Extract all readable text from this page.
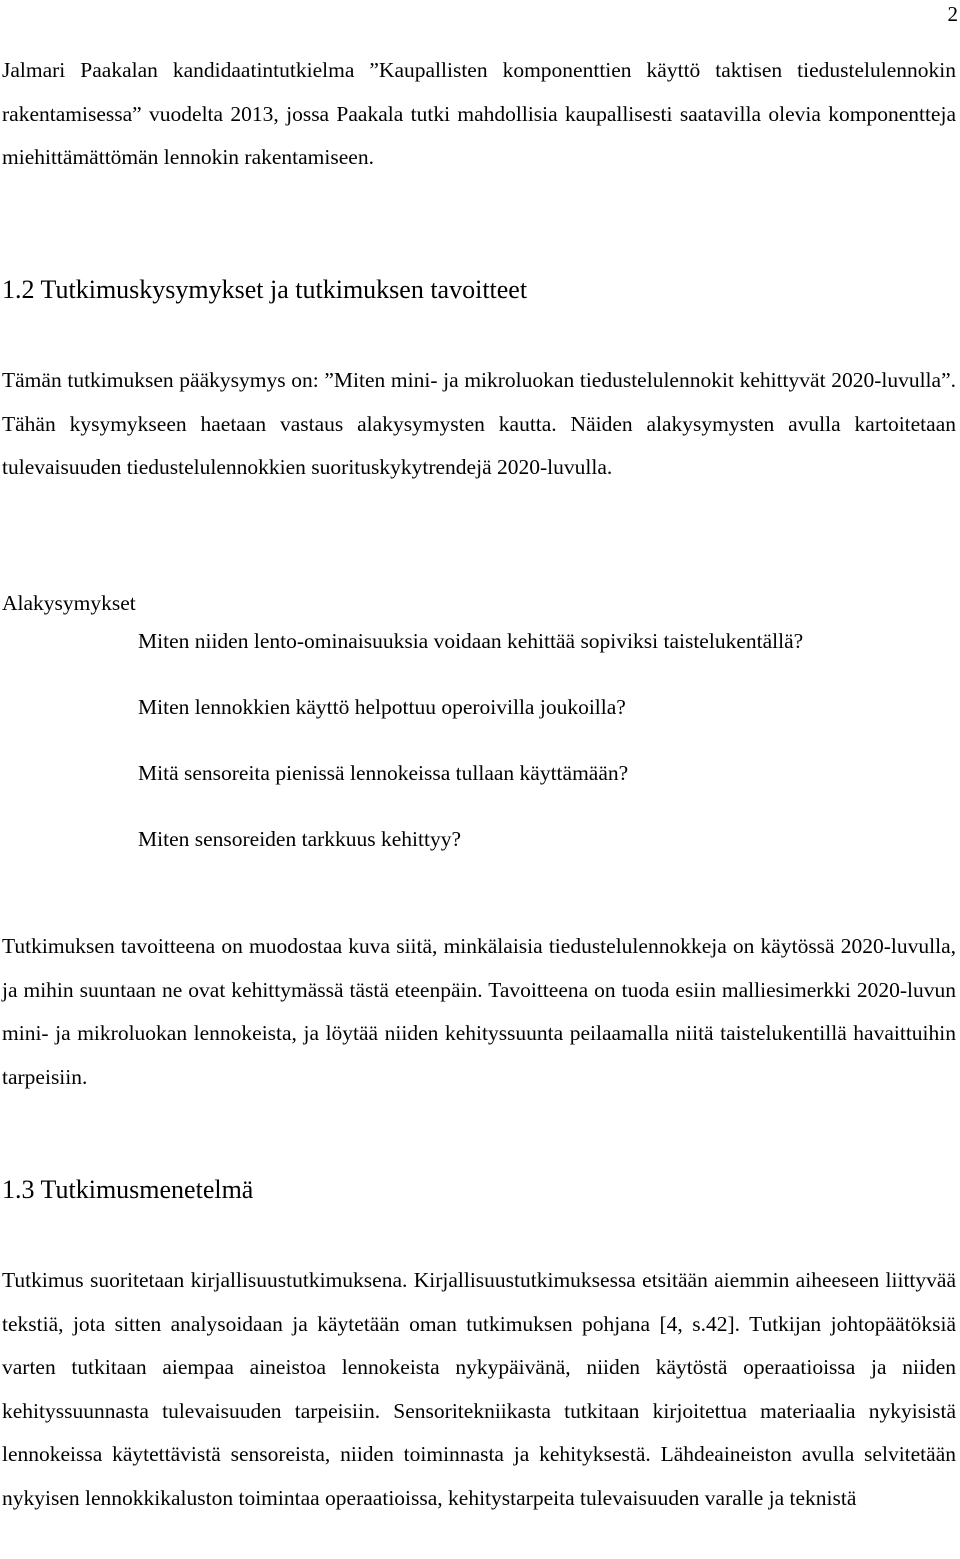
2

Jalmari Paakalan kandidaatintutkielma ”Kaupallisten komponenttien käyttö taktisen tiedustelulennokin rakentamisessa” vuodelta 2013, jossa Paakala tutki mahdollisia kaupallisesti saatavilla olevia komponentteja miehittämättömän lennokin rakentamiseen.

1.2 Tutkimuskysymykset ja tutkimuksen tavoitteet

Tämän tutkimuksen pääkysymys on: ”Miten mini- ja mikroluokan tiedustelulennokit kehittyvät 2020-luvulla”. Tähän kysymykseen haetaan vastaus alakysymysten kautta. Näiden alakysymysten avulla kartoitetaan tulevaisuuden tiedustelulennokkien suorituskykytrendejä 2020-luvulla.

Alakysymykset
Miten niiden lento-ominaisuuksia voidaan kehittää sopiviksi taistelukentällä?
Miten lennokkien käyttö helpottuu operoivilla joukoilla?
Mitä sensoreita pienissä lennokeissa tullaan käyttämään?
Miten sensoreiden tarkkuus kehittyy?

Tutkimuksen tavoitteena on muodostaa kuva siitä, minkälaisia tiedustelulennokkeja on käytössä 2020-luvulla, ja mihin suuntaan ne ovat kehittymässä tästä eteenpäin. Tavoitteena on tuoda esiin malliesimerkki 2020-luvun mini- ja mikroluokan lennokeista, ja löytää niiden kehityssuunta peilaamalla niitä taistelukentillä havaittuihin tarpeisiin.

1.3 Tutkimusmenetelmä

Tutkimus suoritetaan kirjallisuustutkimuksena. Kirjallisuustutkimuksessa etsitään aiemmin aiheeseen liittyvää tekstiä, jota sitten analysoidaan ja käytetään oman tutkimuksen pohjana [4, s.42]. Tutkijan johtopäätöksiä varten tutkitaan aiempaa aineistoa lennokeista nykypäivänä, niiden käytöstä operaatioissa ja niiden kehityssuunnasta tulevaisuuden tarpeisiin. Sensoritekniikasta tutkitaan kirjoitettua materiaalia nykyisistä lennokeissa käytettävistä sensoreista, niiden toiminnasta ja kehityksestä. Lähdeaineiston avulla selvitetään nykyisen lennokkikaluston toimintaa operaatioissa, kehitystarpeita tulevaisuuden varalle ja teknistä
